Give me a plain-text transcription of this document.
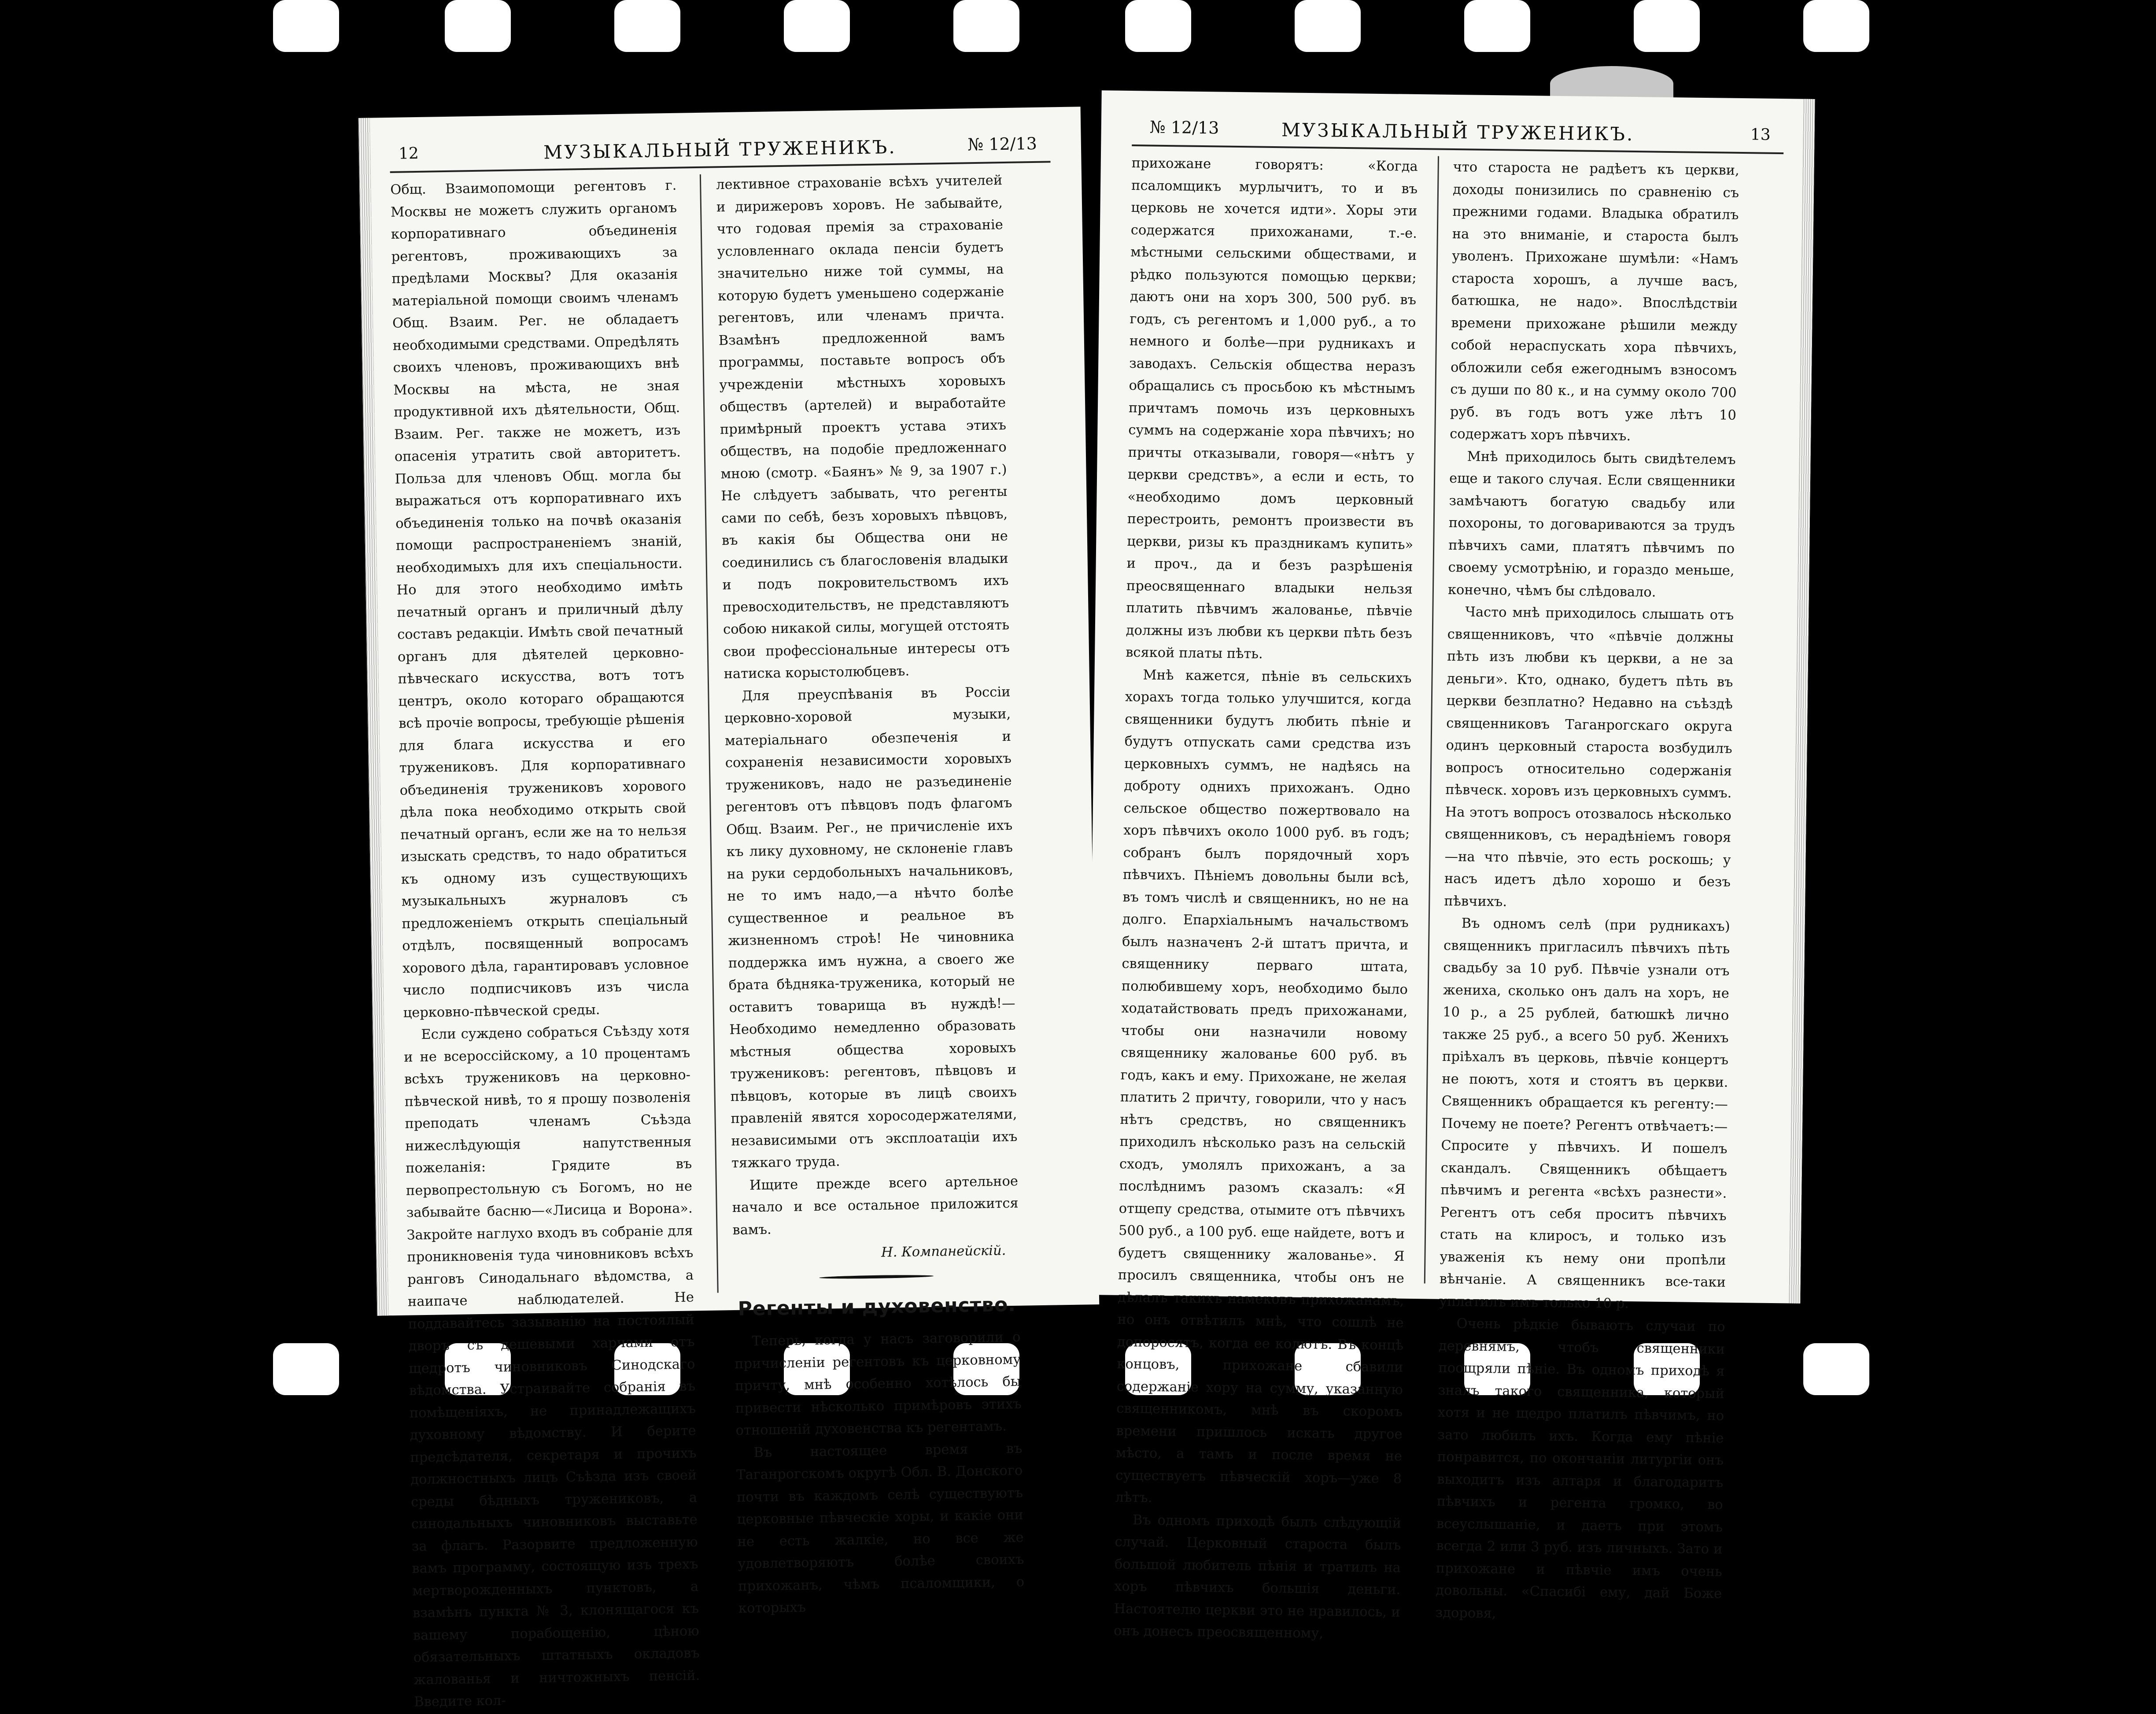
12	МУЗЫКАЛЬНЫЙ ТРУЖЕНИКЪ.	№ 12/13

Общ. Взаимопомощи регентовъ г. Москвы не можетъ служить органомъ корпоративнаго объединенія регентовъ, проживающихъ за предѣлами Москвы? Для оказанія матеріальной помощи своимъ членамъ Общ. Взаим. Рег. не обладаетъ необходимыми средствами. Опредѣлять своихъ членовъ, проживающихъ внѣ Москвы на мѣста, не зная продуктивной ихъ дѣятельности, Общ. Взаим. Рег. также не можетъ, изъ опасенія утратить свой авторитетъ. Польза для членовъ Общ. могла бы выражаться отъ корпоративнаго ихъ объединенія только на почвѣ оказанія помощи распространеніемъ знаній, необходимыхъ для ихъ спеціальности. Но для этого необходимо имѣть печатный органъ и приличный дѣлу составъ редакціи. Имѣть свой печатный органъ для дѣятелей церковно-пѣвческаго искусства, вотъ тотъ центръ, около котораго обращаются всѣ прочіе вопросы, требующіе рѣшенія для блага искусства и его тружениковъ. Для корпоративнаго объединенія тружениковъ хорового дѣла пока необходимо открыть свой печатный органъ, если же на то нельзя изыскать средствъ, то надо обратиться къ одному изъ существующихъ музыкальныхъ журналовъ съ предложеніемъ открыть спеціальный отдѣлъ, посвященный вопросамъ хорового дѣла, гарантировавъ условное число подписчиковъ изъ числа церковно-пѣвческой среды.

Если суждено собраться Съѣзду хотя и не всероссійскому, а 10 процентамъ всѣхъ тружениковъ на церковно-пѣвческой нивѣ, то я прошу позволенія преподать членамъ Съѣзда нижеслѣдующія напутственныя пожеланія: Грядите въ первопрестольную съ Богомъ, но не забывайте басню—«Лисица и Ворона». Закройте наглухо входъ въ собраніе для проникновенія туда чиновниковъ всѣхъ ранговъ Синодальнаго вѣдомства, а наипаче наблюдателей. Не поддавайтесь зазыванію на постоялый дворъ съ дешевыми харчами отъ щедротъ чиновниковъ Синодскаго вѣдомства. Устраивайте собранія въ помѣщеніяхъ, не принадлежащихъ духовному вѣдомству. И берите предсѣдателя, секретаря и прочихъ должностныхъ лицъ Съѣзда изъ своей среды бѣдныхъ тружениковъ, а синодальныхъ чиновниковъ выставьте за флагъ. Разорвите предложенную вамъ программу, состоящую изъ трехъ мертворожденныхъ пунктовъ, а взамѣнъ пункта № 3, клонящагося къ вашему порабощенію, цѣною обязательныхъ штатныхъ окладовъ жалованья и ничтожныхъ пенсій. Введите кол-

лективное страхованіе всѣхъ учителей и дирижеровъ хоровъ. Не забывайте, что годовая премія за страхованіе условленнаго оклада пенсіи будетъ значительно ниже той суммы, на которую будетъ уменьшено содержаніе регентовъ, или членамъ причта. Взамѣнъ предложенной вамъ программы, поставьте вопросъ объ учрежденіи мѣстныхъ хоровыхъ обществъ (артелей) и выработайте примѣрный проектъ устава этихъ обществъ, на подобіе предложеннаго мною (смотр. «Баянъ» № 9, за 1907 г.) Не слѣдуетъ забывать, что регенты сами по себѣ, безъ хоровыхъ пѣвцовъ, въ какія бы Общества они не соединились съ благословенія владыки и подъ покровительствомъ ихъ превосходительствъ, не представляютъ собою никакой силы, могущей отстоять свои профессіональные интересы отъ натиска корыстолюбцевъ.

Для преуспѣванія въ Россіи церковно-хоровой музыки, матеріальнаго обезпеченія и сохраненія независимости хоровыхъ тружениковъ, надо не разъединеніе регентовъ отъ пѣвцовъ подъ флагомъ Общ. Взаим. Рег., не причисленіе ихъ къ лику духовному, не склоненіе главъ на руки сердобольныхъ начальниковъ, не то имъ надо,—а нѣчто болѣе существенное и реальное въ жизненномъ строѣ! Не чиновника поддержка имъ нужна, а своего же брата бѣдняка-труженика, который не оставитъ товарища въ нуждѣ!—Необходимо немедленно образовать мѣстныя общества хоровыхъ тружениковъ: регентовъ, пѣвцовъ и пѣвцовъ, которые въ лицѣ своихъ правленій явятся хоросодержателями, независимыми отъ эксплоатаціи ихъ тяжкаго труда.

Ищите прежде всего артельное начало и все остальное приложится вамъ.

Н. Компанейскій.

Регенты и духовенство.

Теперь, когда у насъ заговорили о причисленіи регентовъ къ церковному причту, мнѣ особенно хотѣлось бы привести нѣсколько примѣровъ этихъ отношеній духовенства къ регентамъ.

Въ настоящее время въ Таганрогскомъ округѣ Обл. В. Донского почти въ каждомъ селѣ существуютъ церковные пѣвческіе хоры, и какіе они не есть жалкіе, но все же удовлетворяютъ болѣе своихъ прихожанъ, чѣмъ псаломщики, о которыхъ

№ 12/13	МУЗЫКАЛЬНЫЙ ТРУЖЕНИКЪ.	13

прихожане говорятъ: «Когда псаломщикъ мурлычитъ, то и въ церковь не хочется идти». Хоры эти содержатся прихожанами, т.-е. мѣстными сельскими обществами, и рѣдко пользуются помощью церкви; даютъ они на хоръ 300, 500 руб. въ годъ, съ регентомъ и 1,000 руб., а то немного и болѣе—при рудникахъ и заводахъ. Сельскія общества неразъ обращались съ просьбою къ мѣстнымъ причтамъ помочь изъ церковныхъ суммъ на содержаніе хора пѣвчихъ; но причты отказывали, говоря—«нѣтъ у церкви средствъ», а если и есть, то «необходимо домъ церковный перестроить, ремонтъ произвести въ церкви, ризы къ праздникамъ купить» и проч., да и безъ разрѣшенія преосвященнаго владыки нельзя платить пѣвчимъ жалованье, пѣвчіе должны изъ любви къ церкви пѣть безъ всякой платы пѣть.

Мнѣ кажется, пѣніе въ сельскихъ хорахъ тогда только улучшится, когда священники будутъ любить пѣніе и будутъ отпускать сами средства изъ церковныхъ суммъ, не надѣясь на доброту однихъ прихожанъ. Одно сельское общество пожертвовало на хоръ пѣвчихъ около 1000 руб. въ годъ; собранъ былъ порядочный хоръ пѣвчихъ. Пѣніемъ довольны были всѣ, въ томъ числѣ и священникъ, но не на долго. Епархіальнымъ начальствомъ былъ назначенъ 2-й штатъ причта, и священнику перваго штата, полюбившему хоръ, необходимо было ходатайствовать предъ прихожанами, чтобы они назначили новому священнику жалованье 600 руб. въ годъ, какъ и ему. Прихожане, не желая платить 2 причту, говорили, что у насъ нѣтъ средствъ, но священникъ приходилъ нѣсколько разъ на сельскій сходъ, умолялъ прихожанъ, а за послѣднимъ разомъ сказалъ: «Я отщепу средства, отымите отъ пѣвчихъ 500 руб., а 100 руб. еще найдете, вотъ и будетъ священнику жалованье». Я просилъ священника, чтобы онъ не дѣлалъ такихъ намековъ прихожанамъ, но онъ отвѣтилъ мнѣ, что сошлѣ не допоросятъ, когда ее колютъ. Въ концѣ концовъ, прихожане сбавили содержаніе хору на сумму, указанную священникомъ, мнѣ въ скоромъ времени пришлось искать другое мѣсто, а тамъ и после время не существуетъ пѣвческій хоръ—уже 8 лѣтъ.

Въ одномъ приходѣ былъ слѣдующій случай. Церковный староста былъ большой любитель пѣнія и тратилъ на хоръ пѣвчихъ большія деньги. Настоятелю церкви это не нравилось, и онъ донесъ преосвященному,

что староста не радѣетъ къ церкви, доходы понизились по сравненію съ прежними годами. Владыка обратилъ на это вниманіе, и староста былъ уволенъ. Прихожане шумѣли: «Намъ староста хорошъ, а лучше васъ, батюшка, не надо». Впослѣдствіи времени прихожане рѣшили между собой нераспускать хора пѣвчихъ, обложили себя ежегоднымъ взносомъ съ души по 80 к., и на сумму около 700 руб. въ годъ вотъ уже лѣтъ 10 содержатъ хоръ пѣвчихъ.

Мнѣ приходилось быть свидѣтелемъ еще и такого случая. Если священники замѣчаютъ богатую свадьбу или похороны, то договариваются за трудъ пѣвчихъ сами, платятъ пѣвчимъ по своему усмотрѣнію, и гораздо меньше, конечно, чѣмъ бы слѣдовало.

Часто мнѣ приходилось слышать отъ священниковъ, что «пѣвчіе должны пѣть изъ любви къ церкви, а не за деньги». Кто, однако, будетъ пѣть въ церкви безплатно? Недавно на съѣздѣ священниковъ Таганрогскаго округа одинъ церковный староста возбудилъ вопросъ относительно содержанія пѣвческ. хоровъ изъ церковныхъ суммъ. На этотъ вопросъ отозвалось нѣсколько священниковъ, съ нерадѣніемъ говоря—на что пѣвчіе, это есть роскошь; у насъ идетъ дѣло хорошо и безъ пѣвчихъ.

Въ одномъ селѣ (при рудникахъ) священникъ пригласилъ пѣвчихъ пѣть свадьбу за 10 руб. Пѣвчіе узнали отъ жениха, сколько онъ далъ на хоръ, не 10 р., а 25 рублей, батюшкѣ лично также 25 руб., а всего 50 руб. Женихъ пріѣхалъ въ церковь, пѣвчіе концертъ не поютъ, хотя и стоятъ въ церкви. Священникъ обращается къ регенту:—Почему не поете? Регентъ отвѣчаетъ:—Спросите у пѣвчихъ. И пошелъ скандалъ. Священникъ обѣщаетъ пѣвчимъ и регента «всѣхъ разнести». Регентъ отъ себя проситъ пѣвчихъ стать на клиросъ, и только изъ уваженія къ нему они пропѣли вѣнчаніе. А священникъ все-таки уплатилъ имъ только 10 р.

Очень рѣдкіе бываютъ случаи по деревнямъ, чтобъ священники поощряли пѣніе. Въ одномъ приходѣ я зналъ такого священника, который хотя и не щедро платилъ пѣвчимъ, но зато любилъ ихъ. Когда ему пѣніе понравится, по окончаніи литургіи онъ выходитъ изъ алтаря и благодаритъ пѣвчихъ и регента громко, во всеуслышаніе, и даетъ при этомъ всегда 2 или 3 руб. изъ личныхъ. Зато и прихожане и пѣвчіе имъ очень довольны. «Спасибі ему, дай Боже здоровя,
